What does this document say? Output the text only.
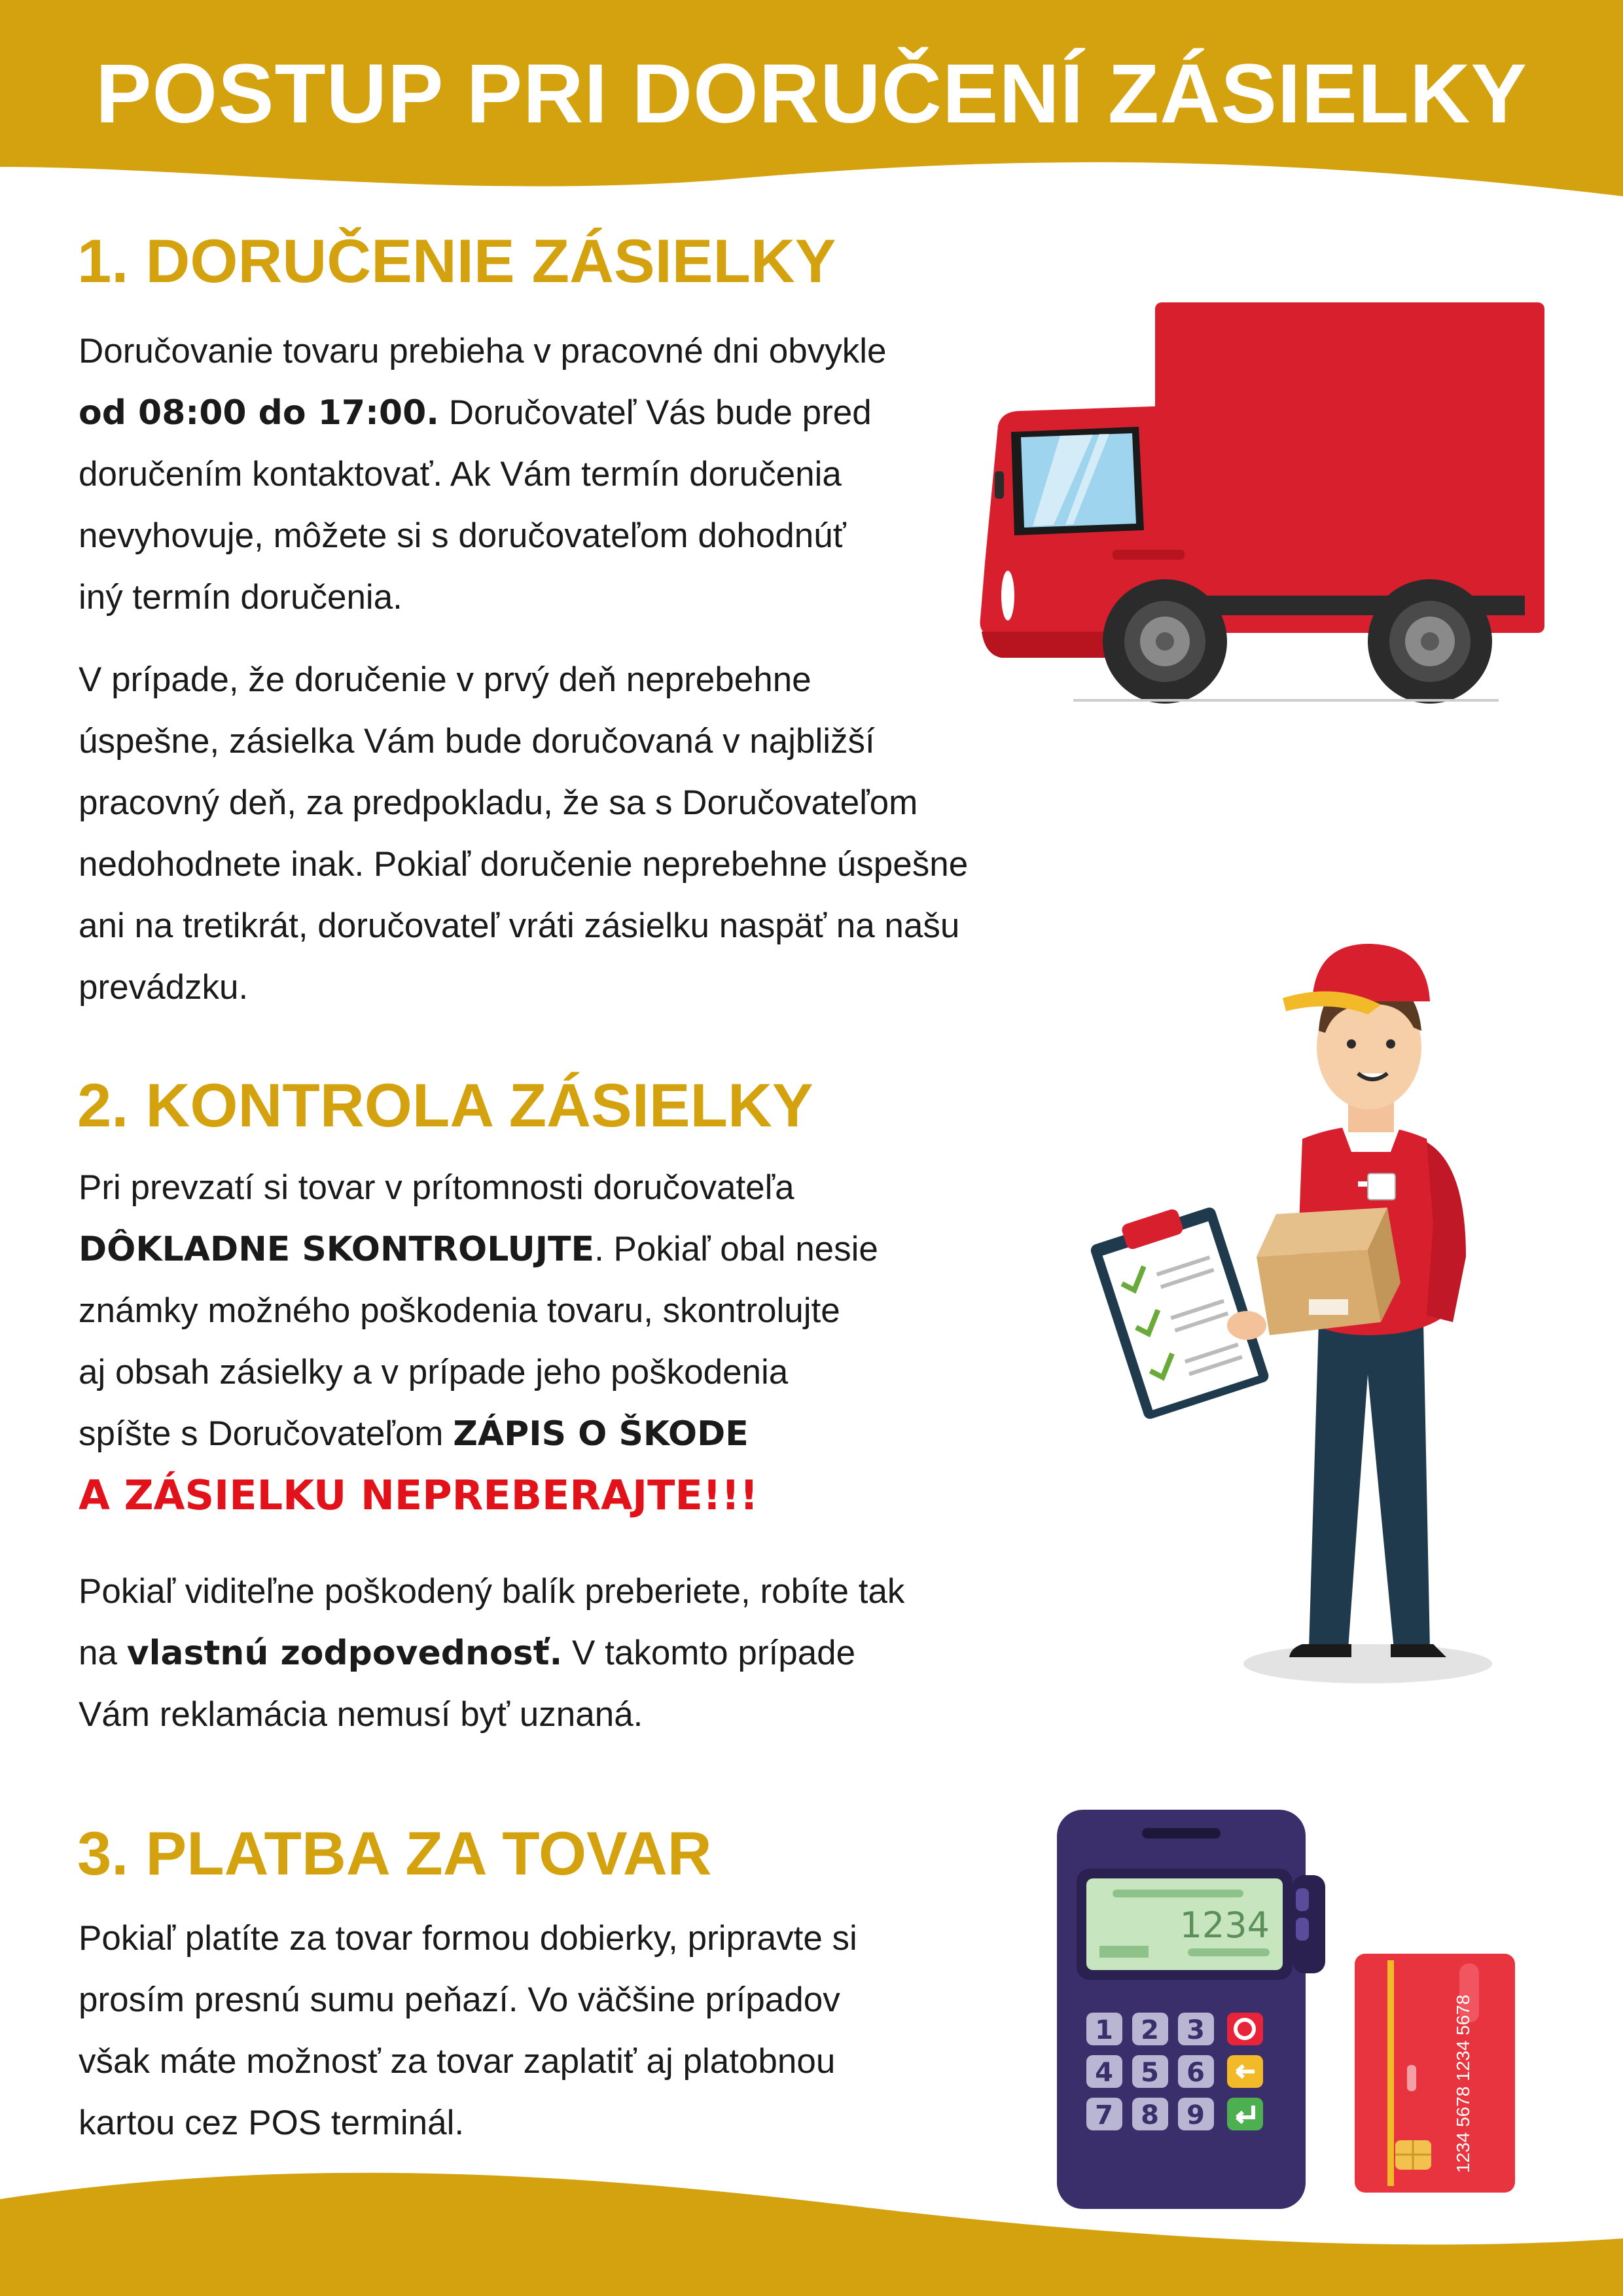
POSTUP PRI DORUČENÍ ZÁSIELKY
1. DORUČENIE ZÁSIELKY
Doručovanie tovaru prebieha v pracovné dni obvykle
od 08:00 do 17:00. Doručovateľ Vás bude pred
doručením kontaktovať. Ak Vám termín doručenia
nevyhovuje, môžete si s doručovateľom dohodnúť
iný termín doručenia.
V prípade, že doručenie v prvý deň neprebehne
úspešne, zásielka Vám bude doručovaná v najbližší
pracovný deň, za predpokladu, že sa s Doručovateľom
nedohodnete inak. Pokiaľ doručenie neprebehne úspešne
ani na tretikrát, doručovateľ vráti zásielku naspäť na našu
prevádzku.
2. KONTROLA ZÁSIELKY
Pri prevzatí si tovar v prítomnosti doručovateľa
DÔKLADNE SKONTROLUJTE. Pokiaľ obal nesie
známky možného poškodenia tovaru, skontrolujte
aj obsah zásielky a v prípade jeho poškodenia
spíšte s Doručovateľom ZÁPIS O ŠKODE
A ZÁSIELKU NEPREBERAJTE!!!
Pokiaľ viditeľne poškodený balík preberiete, robíte tak
na vlastnú zodpovednosť. V takomto prípade
Vám reklamácia nemusí byť uznaná.
3. PLATBA ZA TOVAR
Pokiaľ platíte za tovar formou dobierky, pripravte si
prosím presnú sumu peňazí. Vo väčšine prípadov
však máte možnosť za tovar zaplatiť aj platobnou
kartou cez POS terminál.
1234
1 2 3
4 5 6
7 8 9	1234 5678 1234 5678
